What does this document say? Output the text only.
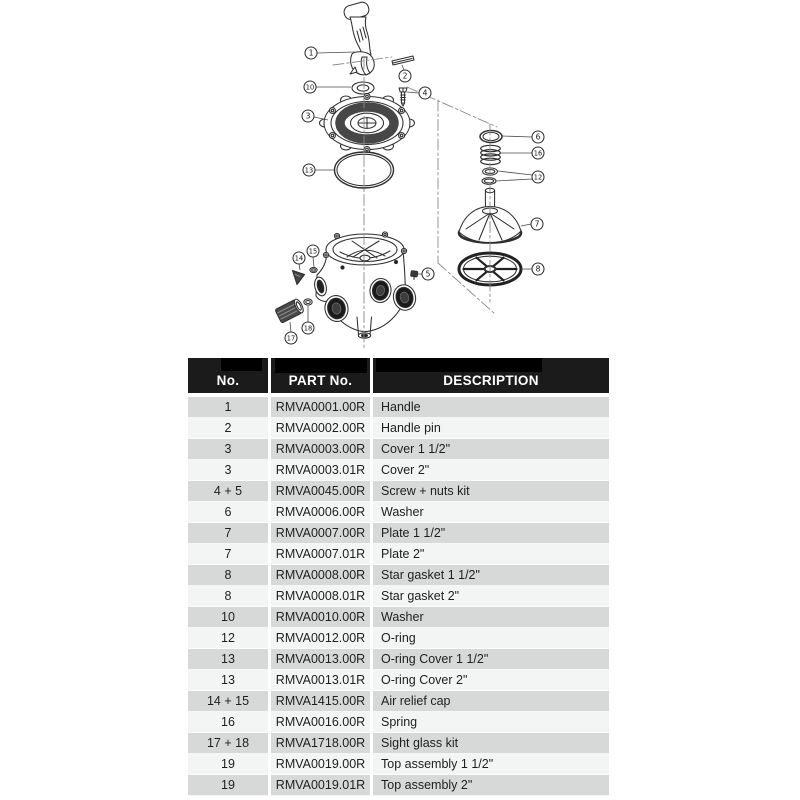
1
2
10
3
4
13
6
16
12
7
8
15
14
5
18
17
No.	PART No.	DESCRIPTION
1	RMVA0001.00R	Handle
2	RMVA0002.00R	Handle pin
3	RMVA0003.00R	Cover 1 1/2"
3	RMVA0003.01R	Cover 2"
4 + 5	RMVA0045.00R	Screw + nuts kit
6	RMVA0006.00R	Washer
7	RMVA0007.00R	Plate 1 1/2"
7	RMVA0007.01R	Plate 2"
8	RMVA0008.00R	Star gasket 1 1/2"
8	RMVA0008.01R	Star gasket 2"
10	RMVA0010.00R	Washer
12	RMVA0012.00R	O-ring
13	RMVA0013.00R	O-ring Cover 1 1/2"
13	RMVA0013.01R	O-ring Cover 2"
14 + 15	RMVA1415.00R	Air relief cap
16	RMVA0016.00R	Spring
17 + 18	RMVA1718.00R	Sight glass kit
19	RMVA0019.00R	Top assembly 1 1/2"
19	RMVA0019.01R	Top assembly 2"
